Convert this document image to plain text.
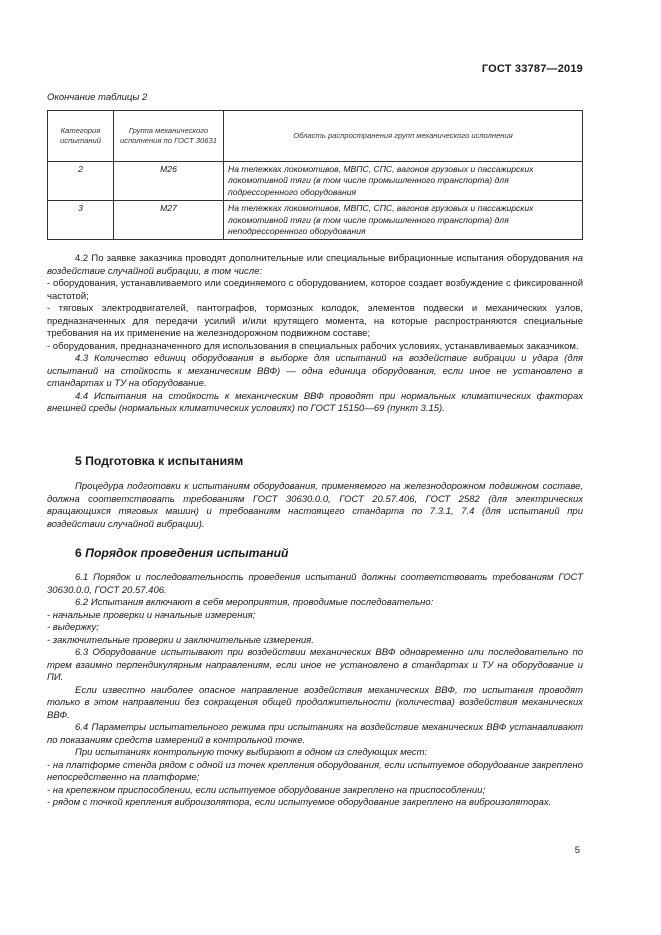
ГОСТ 33787—2019
Окончание таблицы 2
Категория испытаний	Группа механического исполнения по ГОСТ 30631	Область распространения групп механического исполнения
2	М26	На тележках локомотивов, МВПС, СПС, вагонов грузовых и пассажирских локомотивной тяги (в том числе промышленного транспорта) для подрессоренного оборудования
3	М27	На тележках локомотивов, МВПС, СПС, вагонов грузовых и пассажирских локомотивной тяги (в том числе промышленного транспорта) для неподрессоренного оборудования

4.2 По заявке заказчика проводят дополнительные или специальные вибрационные испытания оборудования на воздействие случайной вибрации, в том числе:

- оборудования, устанавливаемого или соединяемого с оборудованием, которое создает возбуждение с фиксированной частотой;

- тяговых электродвигателей, пантографов, тормозных колодок, элементов подвески и механических узлов, предназначенных для передачи усилий и/или крутящего момента, на которые распространяются специальные требования на их применение на железнодорожном подвижном составе;

- оборудования, предназначенного для использования в специальных рабочих условиях, устанавливаемых заказчиком.

4.3 Количество единиц оборудования в выборке для испытаний на воздействие вибрации и удара (для испытаний на стойкость к механическим ВВФ) — одна единица оборудования, если иное не установлено в стандартах и ТУ на оборудование.

4.4 Испытания на стойкость к механическим ВВФ проводят при нормальных климатических факторах внешней среды (нормальных климатических условиях) по ГОСТ 15150—69 (пункт 3.15).

5 Подготовка к испытаниям

Процедура подготовки к испытаниям оборудования, применяемого на железнодорожном подвижном составе, должна соответствовать требованиям ГОСТ 30630.0.0, ГОСТ 20.57.406, ГОСТ 2582 (для электрических вращающихся тяговых машин) и требованиям настоящего стандарта по 7.3.1, 7.4 (для испытаний при воздействии случайной вибрации).

6 Порядок проведения испытаний

6.1 Порядок и последовательность проведения испытаний должны соответствовать требованиям ГОСТ 30630.0.0, ГОСТ 20.57.406.

6.2 Испытания включают в себя мероприятия, проводимые последовательно:

- начальные проверки и начальные измерения;

- выдержку;

- заключительные проверки и заключительные измерения.

6.3 Оборудование испытывают при воздействии механических ВВФ одновременно или последовательно по трем взаимно перпендикулярным направлениям, если иное не установлено в стандартах и ТУ на оборудование и ПИ.

Если известно наиболее опасное направление воздействия механических ВВФ, то испытания проводят только в этом направлении без сокращения общей продолжительности (количества) воздействия механических ВВФ.

6.4 Параметры испытательного режима при испытаниях на воздействие механических ВВФ устанавливают по показаниям средств измерений в контрольной точке.

При испытаниях контрольную точку выбирают в одном из следующих мест:

- на платформе стенда рядом с одной из точек крепления оборудования, если испытуемое оборудование закреплено непосредственно на платформе;

- на крепежном приспособлении, если испытуемое оборудование закреплено на приспособлении;

- рядом с точкой крепления виброизолятора, если испытуемое оборудование закреплено на виброизоляторах.

5
